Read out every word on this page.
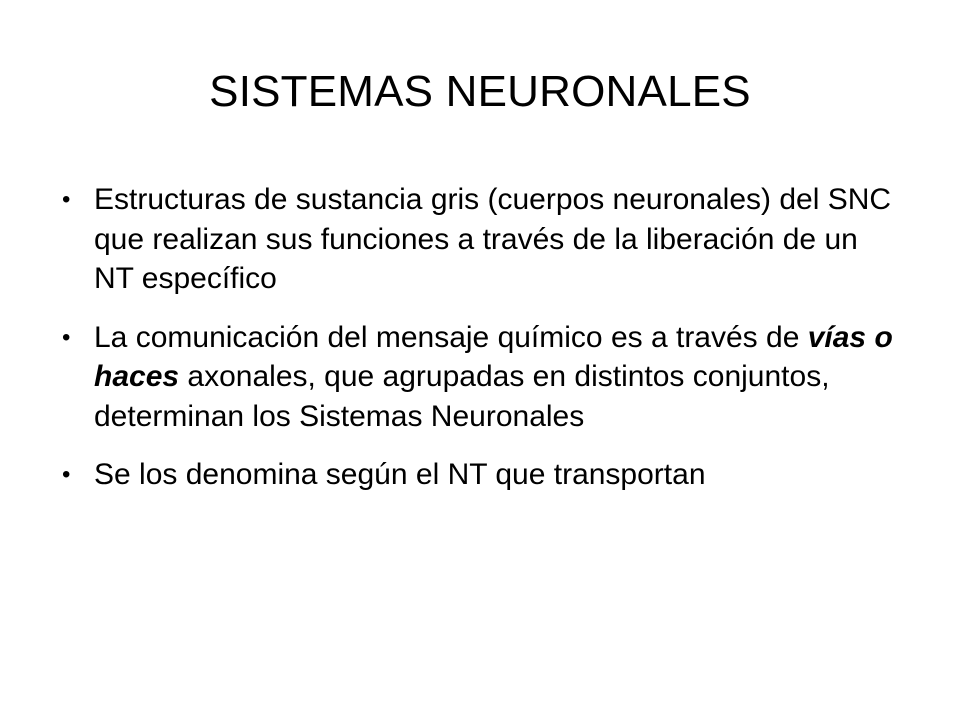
SISTEMAS NEURONALES
• Estructuras de sustancia gris (cuerpos neuronales) del SNC que realizan sus funciones a través de la liberación de un NT específico
• La comunicación del mensaje químico es a través de vías o haces axonales, que agrupadas en distintos conjuntos, determinan los Sistemas Neuronales
• Se los denomina según el NT que transportan
